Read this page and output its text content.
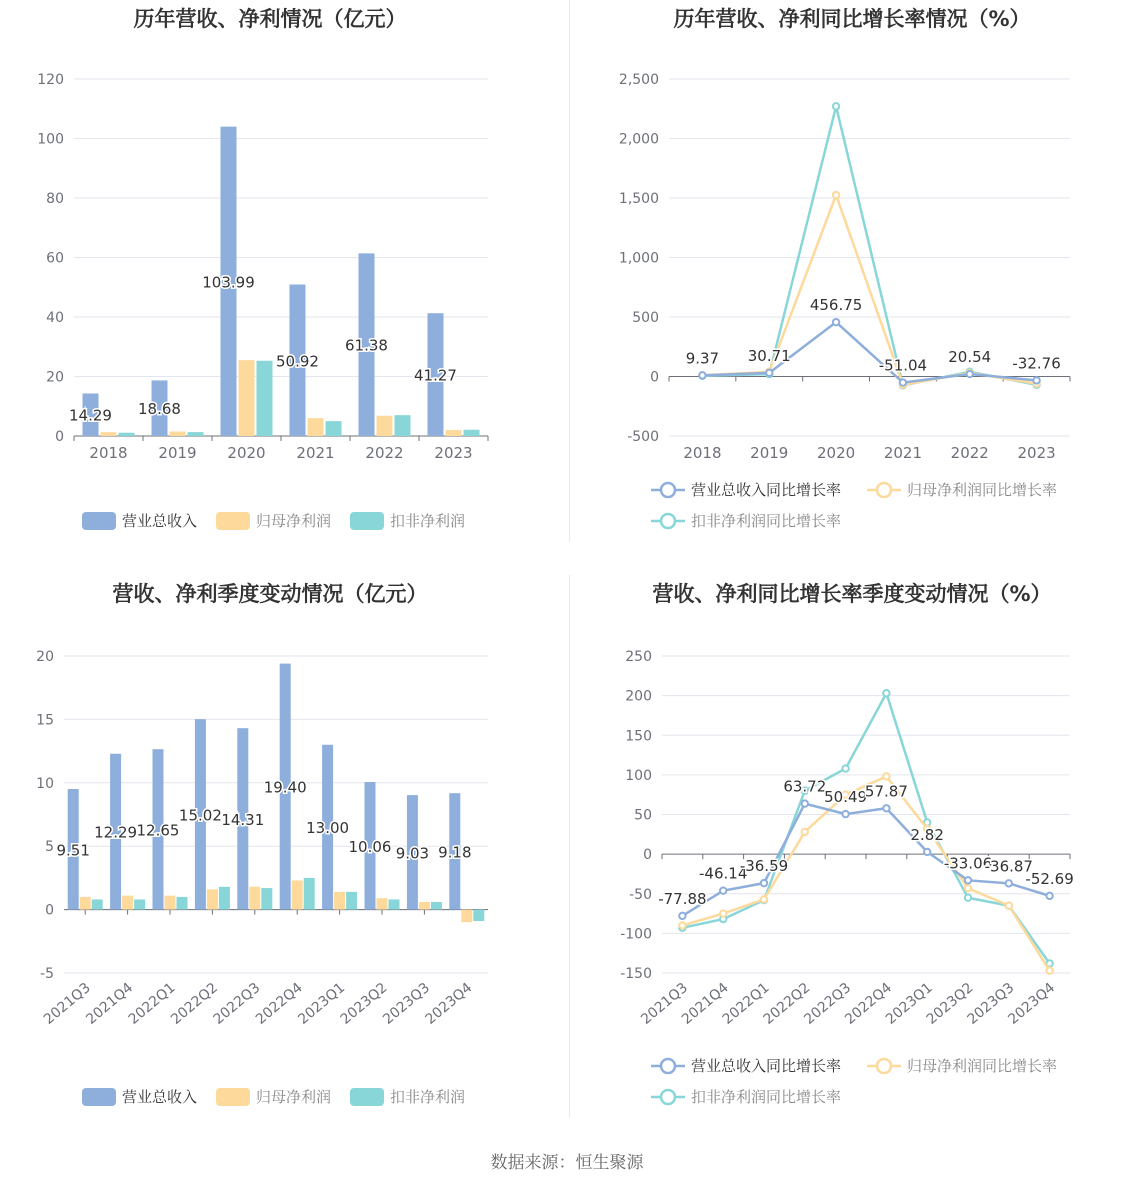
历年营收、净利情况（亿元）
0
20
40
60
80
100
120
2018 2019 2020 2021 2022 2023
14.29 18.68
103.99
50.92
61.38
41.27
营业总收入	归母净利润	扣非净利润
历年营收、净利同比增长率情况（%）
-500
0
500
1,000
1,500
2,000
2,500
2018 2019 2020 2021 2022 2023
9.37 30.71
456.75
-51.04 20.54 -32.76
营业总收入同比增长率	归母净利润同比增长率
扣非净利润同比增长率
营收、净利季度变动情况（亿元）
-5
0
5
10
15
20
2021Q3
2021Q4
2022Q1
2022Q2
2022Q3
2022Q4
2023Q1
2023Q2
2023Q3
2023Q4
9.51
12.29 12.65
15.02 14.31
19.40
13.00
10.06 9.03 9.18
营业总收入	归母净利润	扣非净利润
营收、净利同比增长率季度变动情况（%）
-150
-100
-50
0
50
100
150
200
250
2021Q3
2021Q4
2022Q1
2022Q2
2022Q3
2022Q4
2023Q1
2023Q2
2023Q3
2023Q4
-77.88
-46.14
-36.59
63.72
50.49
57.87
2.82
-33.06
-36.87
-52.69
营业总收入同比增长率	归母净利润同比增长率
扣非净利润同比增长率
数据来源：恒生聚源
